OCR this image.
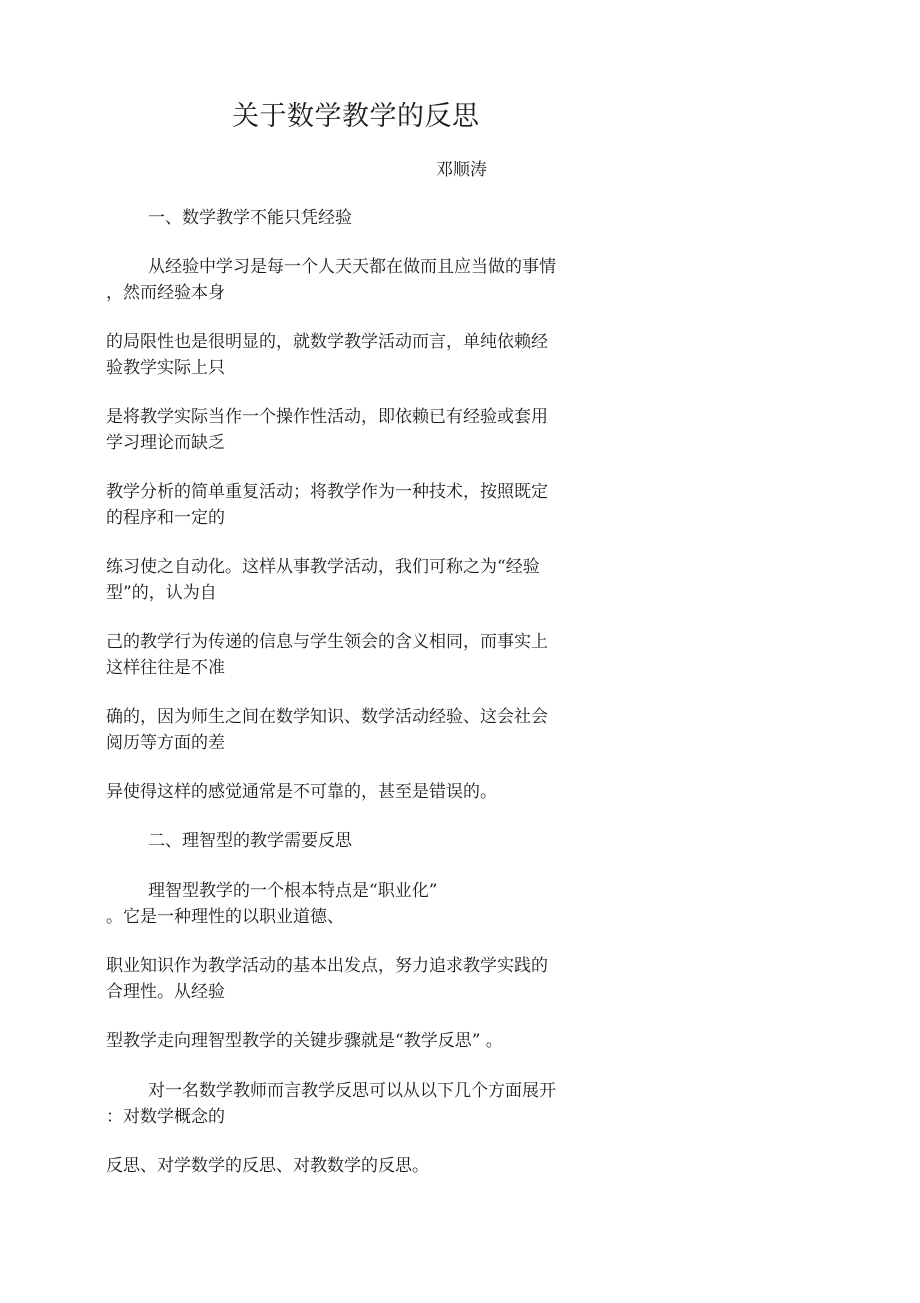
关于数学教学的反思
邓顺涛
一、数学教学不能只凭经验
从经验中学习是每一个人天天都在做而且应当做的事情
，然而经验本身
的局限性也是很明显的，就数学教学活动而言，单纯依赖经
验教学实际上只
是将教学实际当作一个操作性活动，即依赖已有经验或套用
学习理论而缺乏
教学分析的简单重复活动；将教学作为一种技术，按照既定
的程序和一定的
练习使之自动化。这样从事教学活动，我们可称之为“经验
型”的，认为自
己的教学行为传递的信息与学生领会的含义相同，而事实上
这样往往是不准
确的，因为师生之间在数学知识、数学活动经验、这会社会
阅历等方面的差
异使得这样的感觉通常是不可靠的，甚至是错误的。
二、理智型的教学需要反思
理智型教学的一个根本特点是“职业化”
。它是一种理性的以职业道德、
职业知识作为教学活动的基本出发点，努力追求教学实践的
合理性。从经验
型教学走向理智型教学的关键步骤就是“教学反思” 。
对一名数学教师而言教学反思可以从以下几个方面展开
：对数学概念的
反思、对学数学的反思、对教数学的反思。
